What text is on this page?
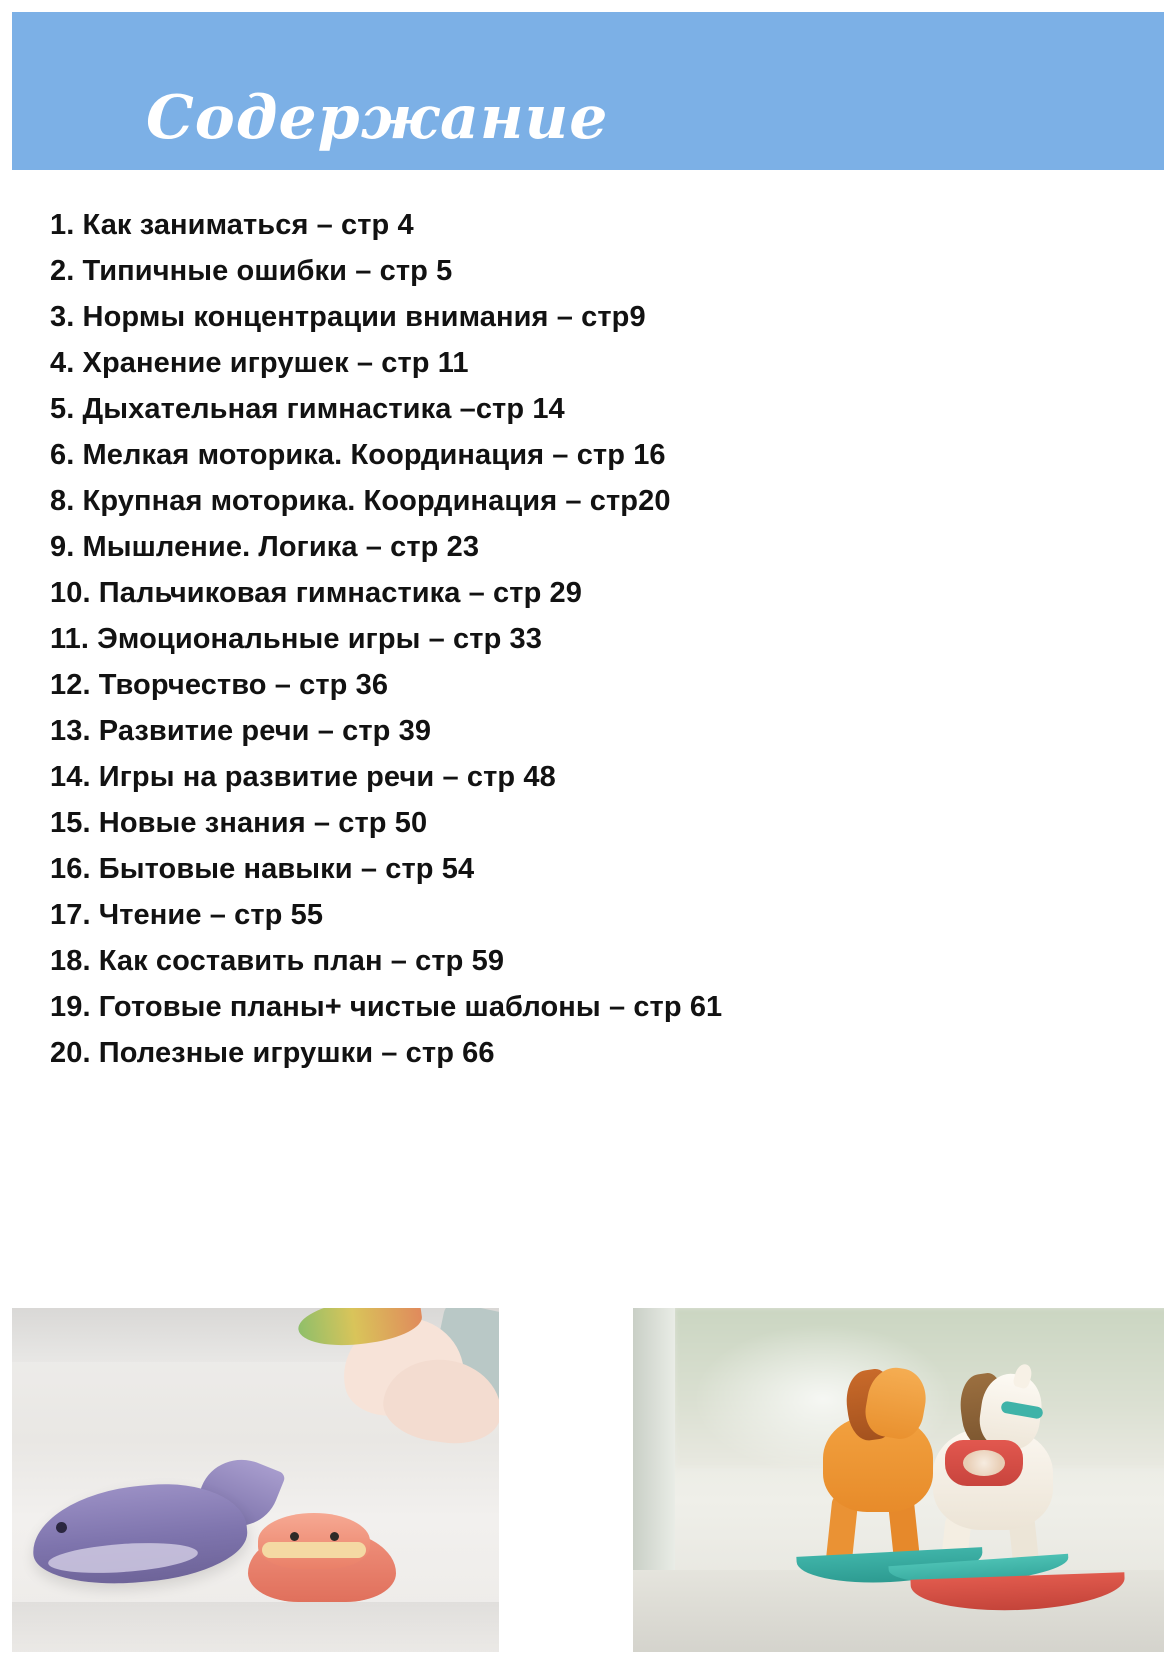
Содержание
1. Как заниматься – стр 4
2. Типичные ошибки – стр 5
3. Нормы концентрации внимания – стр9
4. Хранение игрушек – стр 11
5. Дыхательная гимнастика –стр 14
6. Мелкая моторика. Координация – стр 16
8. Крупная моторика. Координация – стр20
9. Мышление. Логика – стр 23
10. Пальчиковая гимнастика – стр 29
11. Эмоциональные игры – стр 33
12. Творчество – стр 36
13. Развитие речи – стр 39
14. Игры на развитие речи – стр 48
15. Новые знания – стр 50
16. Бытовые навыки – стр 54
17. Чтение – стр 55
18. Как составить план – стр 59
19. Готовые планы+ чистые шаблоны – стр 61
20. Полезные игрушки – стр 66
